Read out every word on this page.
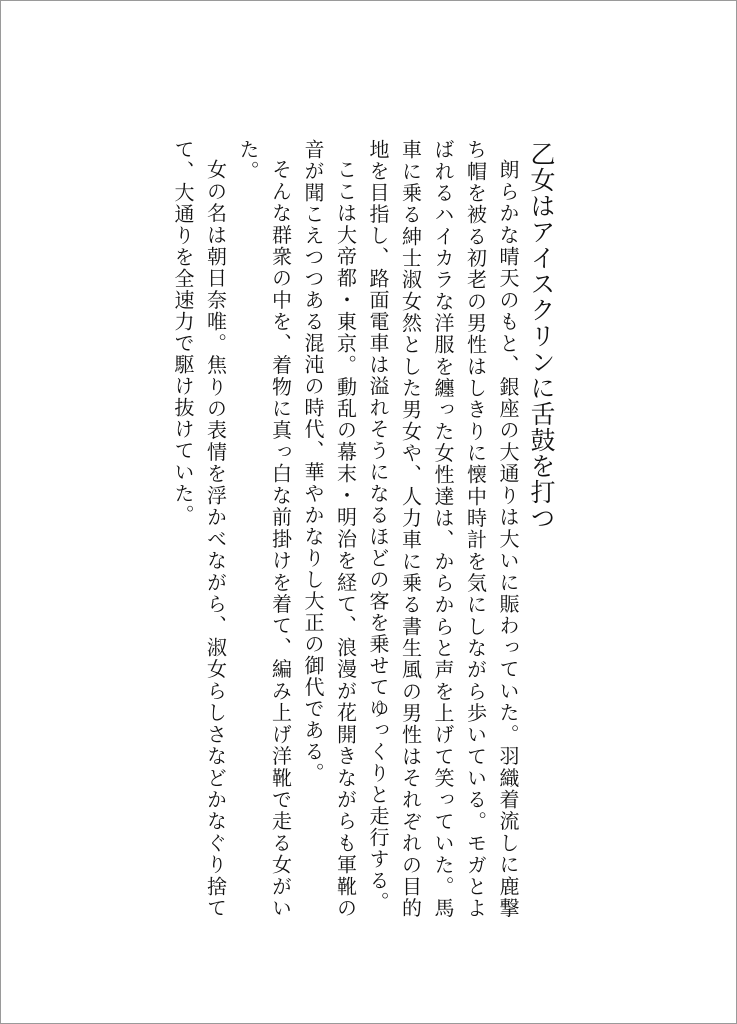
乙女はアイスクリンに舌鼓を打つ

朗らかな晴天のもと、銀座の大通りは大いに賑わっていた。羽織着流しに鹿撃ち帽を被る初老の男性はしきりに懐中時計を気にしながら歩いている。モガとよばれるハイカラな洋服を纏った女性達は、からからと声を上げて笑っていた。馬車に乗る紳士淑女然とした男女や、人力車に乗る書生風の男性はそれぞれの目的地を目指し、路面電車は溢れそうになるほどの客を乗せてゆっくりと走行する。

ここは大帝都・東京。動乱の幕末・明治を経て、浪漫が花開きながらも軍靴の音が聞こえつつある混沌の時代、華やかなりし大正の御代である。

そんな群衆の中を、着物に真っ白な前掛けを着て、編み上げ洋靴で走る女がいた。

女の名は朝日奈唯。焦りの表情を浮かべながら、淑女らしさなどかなぐり捨てて、大通りを全速力で駆け抜けていた。
